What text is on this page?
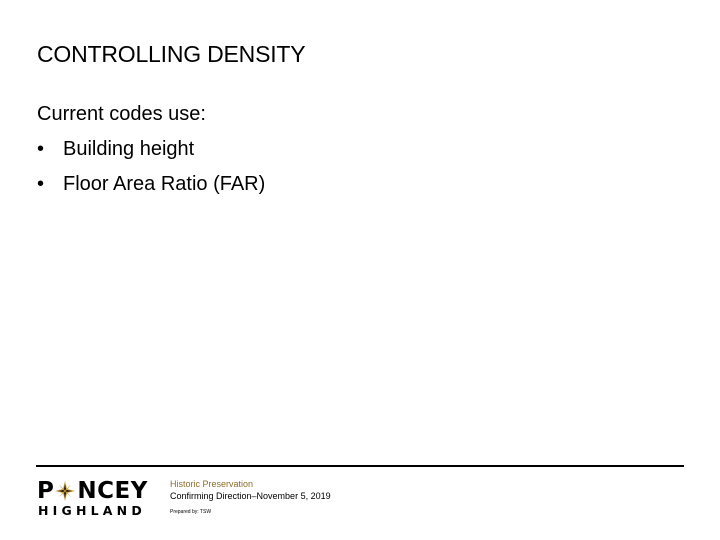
CONTROLLING DENSITY
Current codes use:
• Building height
• Floor Area Ratio (FAR)
P NCEY
HIGHLAND
Historic Preservation
Confirming Direction–November 5, 2019
Prepared by: TSW
